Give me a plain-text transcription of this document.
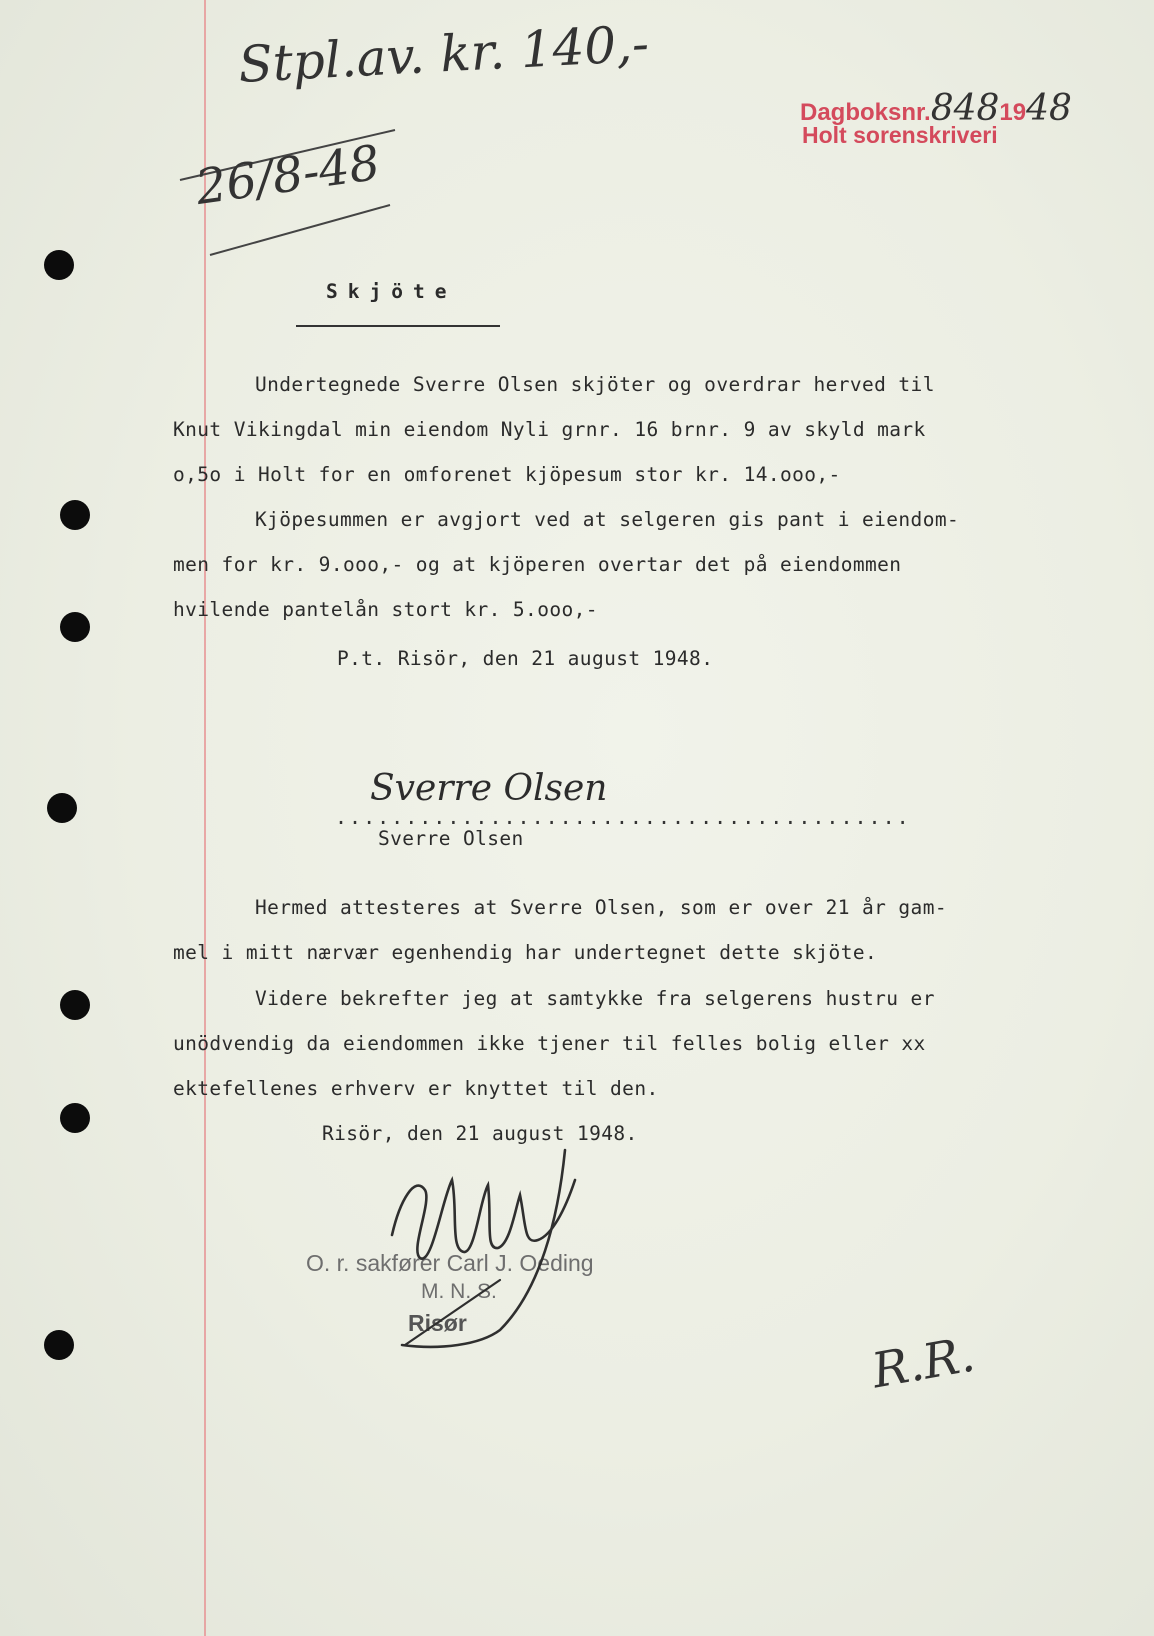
Stpl.av. kr. 140,-
26/8-48
Dagboksnr.8481948
Holt sorenskriveri
Skjöte
Undertegnede Sverre Olsen skjöter og overdrar herved til
Knut Vikingdal min eiendom Nyli grnr. 16 brnr. 9 av skyld mark
o,5o i Holt for en omforenet kjöpesum stor kr. 14.ooo,-
Kjöpesummen er avgjort ved at selgeren gis pant i eiendom-
men for kr. 9.ooo,- og at kjöperen overtar det på eiendommen
hvilende pantelån stort kr. 5.ooo,-
P.t. Risör, den 21 august 1948.
Sverre Olsen
.........................................
Sverre Olsen
Hermed attesteres at Sverre Olsen, som er over 21 år gam-
mel i mitt nærvær egenhendig har undertegnet dette skjöte.
Videre bekrefter jeg at samtykke fra selgerens hustru er
unödvendig da eiendommen ikke tjener til felles bolig eller xx
ektefellenes erhverv er knyttet til den.
Risör, den 21 august 1948.
O. r. sakfører Carl J. Oeding
M. N. S.
Risør
R.R.
